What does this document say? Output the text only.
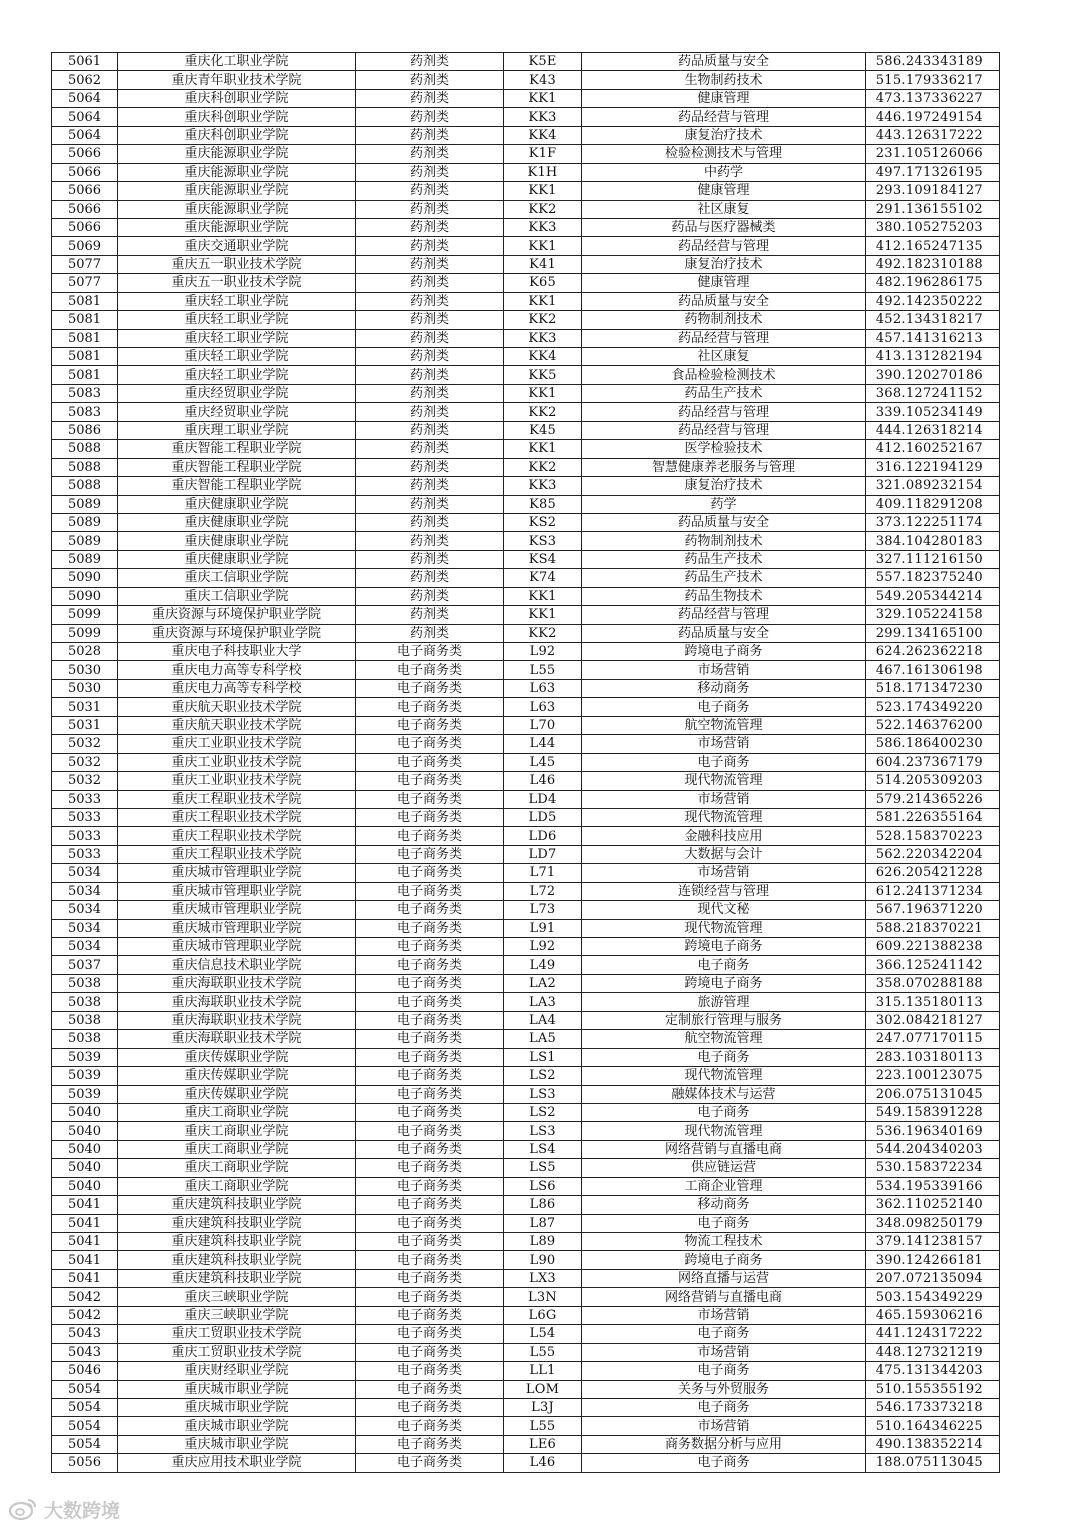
5061	重庆化工职业学院	药剂类	K5E	药品质量与安全	586.243343189
5062	重庆青年职业技术学院	药剂类	K43	生物制药技术	515.179336217
5064	重庆科创职业学院	药剂类	KK1	健康管理	473.137336227
5064	重庆科创职业学院	药剂类	KK3	药品经营与管理	446.197249154
5064	重庆科创职业学院	药剂类	KK4	康复治疗技术	443.126317222
5066	重庆能源职业学院	药剂类	K1F	检验检测技术与管理	231.105126066
5066	重庆能源职业学院	药剂类	K1H	中药学	497.171326195
5066	重庆能源职业学院	药剂类	KK1	健康管理	293.109184127
5066	重庆能源职业学院	药剂类	KK2	社区康复	291.136155102
5066	重庆能源职业学院	药剂类	KK3	药品与医疗器械类	380.105275203
5069	重庆交通职业学院	药剂类	KK1	药品经营与管理	412.165247135
5077	重庆五一职业技术学院	药剂类	K41	康复治疗技术	492.182310188
5077	重庆五一职业技术学院	药剂类	K65	健康管理	482.196286175
5081	重庆轻工职业学院	药剂类	KK1	药品质量与安全	492.142350222
5081	重庆轻工职业学院	药剂类	KK2	药物制剂技术	452.134318217
5081	重庆轻工职业学院	药剂类	KK3	药品经营与管理	457.141316213
5081	重庆轻工职业学院	药剂类	KK4	社区康复	413.131282194
5081	重庆轻工职业学院	药剂类	KK5	食品检验检测技术	390.120270186
5083	重庆经贸职业学院	药剂类	KK1	药品生产技术	368.127241152
5083	重庆经贸职业学院	药剂类	KK2	药品经营与管理	339.105234149
5086	重庆理工职业学院	药剂类	K45	药品经营与管理	444.126318214
5088	重庆智能工程职业学院	药剂类	KK1	医学检验技术	412.160252167
5088	重庆智能工程职业学院	药剂类	KK2	智慧健康养老服务与管理	316.122194129
5088	重庆智能工程职业学院	药剂类	KK3	康复治疗技术	321.089232154
5089	重庆健康职业学院	药剂类	K85	药学	409.118291208
5089	重庆健康职业学院	药剂类	KS2	药品质量与安全	373.122251174
5089	重庆健康职业学院	药剂类	KS3	药物制剂技术	384.104280183
5089	重庆健康职业学院	药剂类	KS4	药品生产技术	327.111216150
5090	重庆工信职业学院	药剂类	K74	药品生产技术	557.182375240
5090	重庆工信职业学院	药剂类	KK1	药品生物技术	549.205344214
5099	重庆资源与环境保护职业学院	药剂类	KK1	药品经营与管理	329.105224158
5099	重庆资源与环境保护职业学院	药剂类	KK2	药品质量与安全	299.134165100
5028	重庆电子科技职业大学	电子商务类	L92	跨境电子商务	624.262362218
5030	重庆电力高等专科学校	电子商务类	L55	市场营销	467.161306198
5030	重庆电力高等专科学校	电子商务类	L63	移动商务	518.171347230
5031	重庆航天职业技术学院	电子商务类	L63	电子商务	523.174349220
5031	重庆航天职业技术学院	电子商务类	L70	航空物流管理	522.146376200
5032	重庆工业职业技术学院	电子商务类	L44	市场营销	586.186400230
5032	重庆工业职业技术学院	电子商务类	L45	电子商务	604.237367179
5032	重庆工业职业技术学院	电子商务类	L46	现代物流管理	514.205309203
5033	重庆工程职业技术学院	电子商务类	LD4	市场营销	579.214365226
5033	重庆工程职业技术学院	电子商务类	LD5	现代物流管理	581.226355164
5033	重庆工程职业技术学院	电子商务类	LD6	金融科技应用	528.158370223
5033	重庆工程职业技术学院	电子商务类	LD7	大数据与会计	562.220342204
5034	重庆城市管理职业学院	电子商务类	L71	市场营销	626.205421228
5034	重庆城市管理职业学院	电子商务类	L72	连锁经营与管理	612.241371234
5034	重庆城市管理职业学院	电子商务类	L73	现代文秘	567.196371220
5034	重庆城市管理职业学院	电子商务类	L91	现代物流管理	588.218370221
5034	重庆城市管理职业学院	电子商务类	L92	跨境电子商务	609.221388238
5037	重庆信息技术职业学院	电子商务类	L49	电子商务	366.125241142
5038	重庆海联职业技术学院	电子商务类	LA2	跨境电子商务	358.070288188
5038	重庆海联职业技术学院	电子商务类	LA3	旅游管理	315.135180113
5038	重庆海联职业技术学院	电子商务类	LA4	定制旅行管理与服务	302.084218127
5038	重庆海联职业技术学院	电子商务类	LA5	航空物流管理	247.077170115
5039	重庆传媒职业学院	电子商务类	LS1	电子商务	283.103180113
5039	重庆传媒职业学院	电子商务类	LS2	现代物流管理	223.100123075
5039	重庆传媒职业学院	电子商务类	LS3	融媒体技术与运营	206.075131045
5040	重庆工商职业学院	电子商务类	LS2	电子商务	549.158391228
5040	重庆工商职业学院	电子商务类	LS3	现代物流管理	536.196340169
5040	重庆工商职业学院	电子商务类	LS4	网络营销与直播电商	544.204340203
5040	重庆工商职业学院	电子商务类	LS5	供应链运营	530.158372234
5040	重庆工商职业学院	电子商务类	LS6	工商企业管理	534.195339166
5041	重庆建筑科技职业学院	电子商务类	L86	移动商务	362.110252140
5041	重庆建筑科技职业学院	电子商务类	L87	电子商务	348.098250179
5041	重庆建筑科技职业学院	电子商务类	L89	物流工程技术	379.141238157
5041	重庆建筑科技职业学院	电子商务类	L90	跨境电子商务	390.124266181
5041	重庆建筑科技职业学院	电子商务类	LX3	网络直播与运营	207.072135094
5042	重庆三峡职业学院	电子商务类	L3N	网络营销与直播电商	503.154349229
5042	重庆三峡职业学院	电子商务类	L6G	市场营销	465.159306216
5043	重庆工贸职业技术学院	电子商务类	L54	电子商务	441.124317222
5043	重庆工贸职业技术学院	电子商务类	L55	市场营销	448.127321219
5046	重庆财经职业学院	电子商务类	LL1	电子商务	475.131344203
5054	重庆城市职业学院	电子商务类	LOM	关务与外贸服务	510.155355192
5054	重庆城市职业学院	电子商务类	L3J	电子商务	546.173373218
5054	重庆城市职业学院	电子商务类	L55	市场营销	510.164346225
5054	重庆城市职业学院	电子商务类	LE6	商务数据分析与应用	490.138352214
5056	重庆应用技术职业学院	电子商务类	L46	电子商务	188.075113045
大数跨境
